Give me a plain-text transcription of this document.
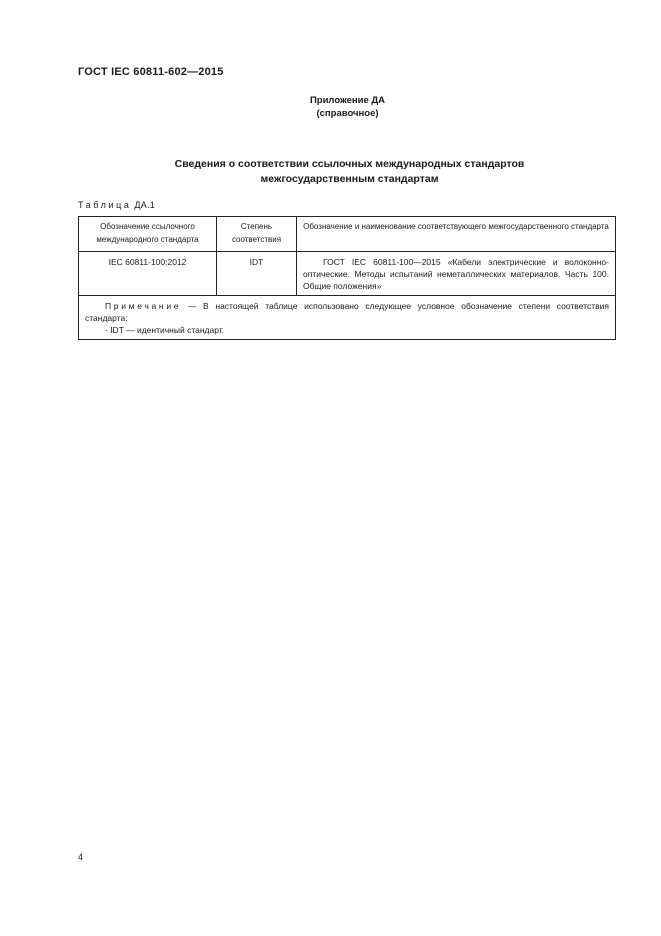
ГОСТ IEC 60811-602—2015
Приложение ДА
(справочное)
Сведения о соответствии ссылочных международных стандартов
межгосударственным стандартам
Таблица ДА.1
Обозначение ссылочного международного стандарта	Степень соответствия	Обозначение и наименование соответствующего межгосударственного стандарта
IEC 60811-100:2012	IDT	ГОСТ IEC 60811-100—2015 «Кабели электрические и волоконно-оптические. Методы испытаний неметаллических материалов. Часть 100. Общие положения»

Примечание — В настоящей таблице использовано следующее условное обозначение степени соответствия стандарта:
- IDT — идентичный стандарт.		
4
